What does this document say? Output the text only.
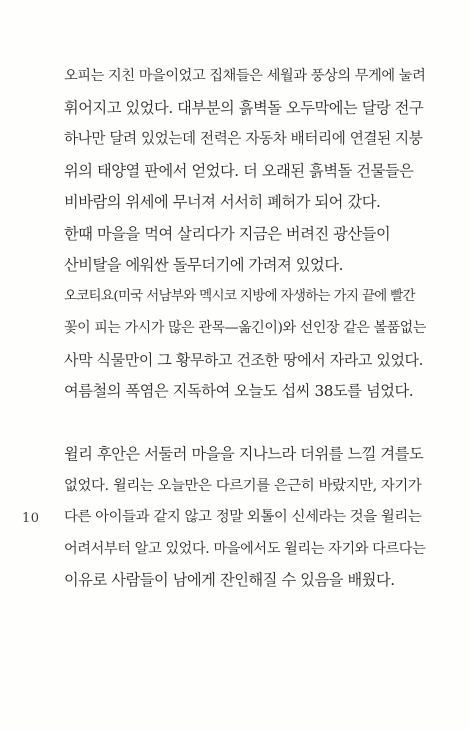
오피는 지친 마을이었고 집채들은 세월과 풍상의 무게에 눌려
휘어지고 있었다. 대부분의 흙벽돌 오두막에는 달랑 전구
하나만 달려 있었는데 전력은 자동차 배터리에 연결된 지붕
위의 태양열 판에서 얻었다. 더 오래된 흙벽돌 건물들은
비바람의 위세에 무너져 서서히 폐허가 되어 갔다.
한때 마을을 먹여 살리다가 지금은 버려진 광산들이
산비탈을 에워싼 돌무더기에 가려져 있었다.
오코티요(미국 서남부와 멕시코 지방에 자생하는 가지 끝에 빨간
꽃이 피는 가시가 많은 관목—옮긴이)와 선인장 같은 볼품없는
사막 식물만이 그 황무하고 건조한 땅에서 자라고 있었다.
여름철의 폭염은 지독하여 오늘도 섭씨 38도를 넘었다.
윌리 후안은 서둘러 마을을 지나느라 더위를 느낄 겨를도
없었다. 윌리는 오늘만은 다르기를 은근히 바랐지만, 자기가
다른 아이들과 같지 않고 정말 외톨이 신세라는 것을 윌리는
어려서부터 알고 있었다. 마을에서도 윌리는 자기와 다르다는
이유로 사람들이 남에게 잔인해질 수 있음을 배웠다.
10
